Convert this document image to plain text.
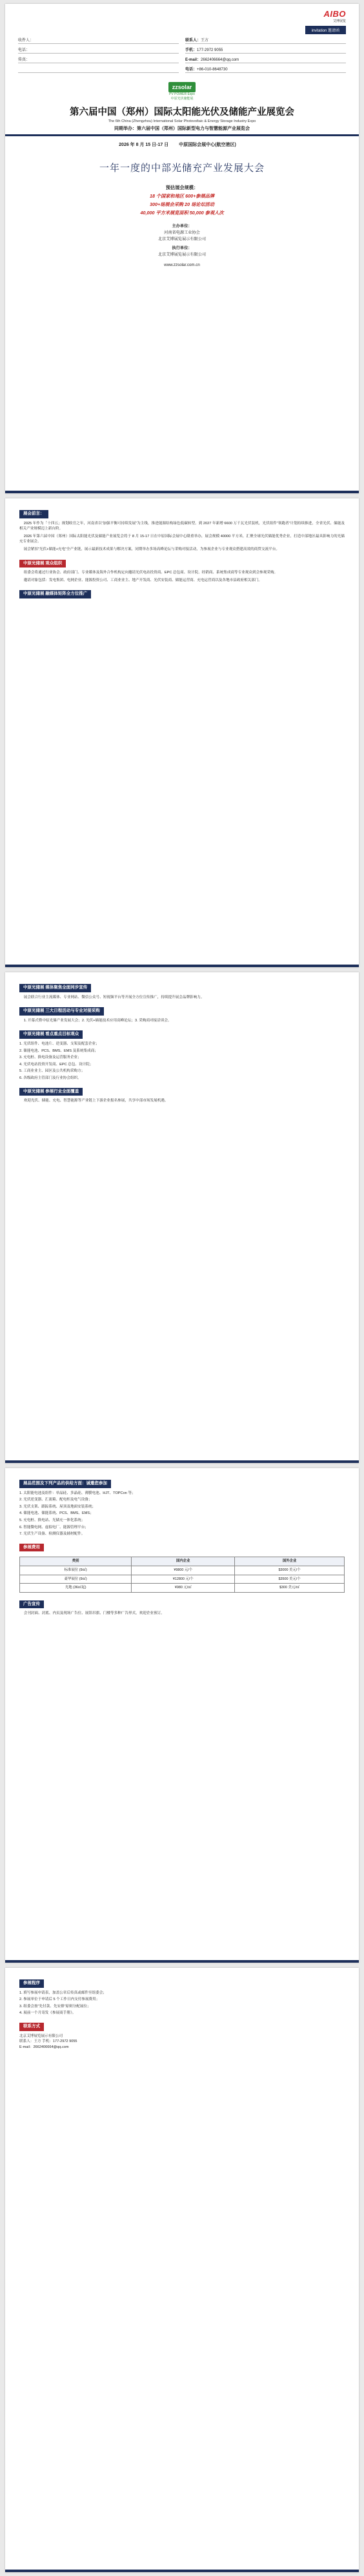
AIBO
艾博展览
invitation 邀请函
收件人：	联系人：王方
电话：	手机：177-2972 9055
传真：	E-mail：2662406664@qq.com
电话：+86-010-8648730
zzsolar
PV POWER Expo
中原光伏储能展
第六届中国（郑州）国际太阳能光伏及储能产业展览会
The 6th China (Zhengzhou) International Solar Photovoltaic & Energy Storage Industry Expo
同期举办：第六届中国（郑州）国际新型电力与智慧能源产业展览会
2026 年 8 月 15 日-17 日 中原国际会展中心(航空港区)
一年一度的中部光储充产业发展大会
预估展会规模：
18 个国家和地区 600+参展品牌
300+场展会采购 20 场论坛活动
40,000 平方米展览面积 50,000 参观人次
主办单位：
河南省电源工业协会
北京艾博展览展示有限公司
执行单位：
北京艾博展览展示有限公司
www.zzsolar.com.cn
展会前言：

2025 年作为「十四五」规划收官之年，河南省以“加强平衡可持续发展”为主线，推进能源结构绿色低碳转型。到 2027 年新增 6600 万千瓦光伏装机，光伏组件“领跑者”计划持续推进，全省光伏、储能及相关产业规模迈上新台阶。

2026 年第六届中国（郑州）国际太阳能光伏及储能产业展览会将于 8 月 15-17 日在中原国际会展中心隆重举办，展会规模 40000 平方米，汇聚全球光伏储能优秀企业，打造中部地区最具影响力的光储充专业展会。

展会紧扣“光伏+储能+充电”全产业链，展示最新技术成果与解决方案，同期举办多场高峰论坛与采购对接活动，为参展企业与专业观众搭建高效的商贸交流平台。

中原光储展 观众组织

组委会将通过行业协会、政府部门、专业媒体及海外合作机构定向邀请光伏电站投资商、EPC 总包商、设计院、经销商、系统集成商等专业观众到会参观采购。

邀请对象包括：发电集团、电网企业、能源投资公司、工商业业主、地产开发商、光伏安装商、储能运营商、充电运营商以及各地市县政府相关部门。

中原光储展 融媒体矩阵全方位推广
中原光储展 媒体聚焦全面同步宣传

展会联合行业主流媒体、专业网站、微信公众号、短视频平台等开展全方位宣传推广，持续提升展会品牌影响力。

中原光储展 三大日程活动与专业对接采购

1. 开幕式暨中原光储产业发展大会；2. 光伏+储能技术应用高峰论坛；3. 采购商对接洽谈会。

中原光储展 看点重点目标观众
1. 光伏组件、电池片、逆变器、支架及配套企业；
2. 储能电池、PCS、BMS、EMS 及系统集成商；
3. 充电桩、换电设备及运营服务企业；
4. 光伏电站投资开发商、EPC 总包、设计院；
5. 工商业业主、园区及公共机构采购方；
6. 各级政府主管部门及行业协会组织。
中原光储展 参展行业全面覆盖

欢迎光伏、储能、充电、智慧能源等产业链上下游企业报名参展，共享中部市场发展机遇。

展品范围及下列产品的供给方面：诚邀您参加
1. 太阳能电池及组件：单晶硅、多晶硅、薄膜电池、HJT、TOPCon 等；
2. 光伏逆变器、汇流箱、配电柜及电气设备；
3. 光伏支架、跟踪系统、屋顶及地面安装系统；
4. 储能电池、储能系统、PCS、BMS、EMS；
5. 充电桩、换电站、光储充一体化系统；
6. 智能微电网、虚拟电厂、能源管理平台；
7. 光伏生产设备、检测仪器及辅材配件。
参展费用
类别	国内企业	国外企业
标准展位 (9㎡)	¥9800 元/个	$3000 美元/个
豪华展位 (9㎡)	¥12800 元/个	$3500 美元/个
光地 (36㎡起)	¥980 元/㎡	$300 美元/㎡
广告宣传

会刊封面、封底、内页及现场广告位、展馆吊旗、门楼等多种广告形式，欢迎企业预订。

参展程序
1. 填写参展申请表，加盖公章后传真或邮件至组委会；
2. 参展单位于申请后 5 个工作日内支付参展费用；
3. 组委会按“先付款、先安排”原则分配展位；
4. 展前一个月寄发《参展商手册》。
联系方式
北京艾博展览展示有限公司
联系人：王方 手机：177-2972 9055
E-mail：2662406664@qq.com
